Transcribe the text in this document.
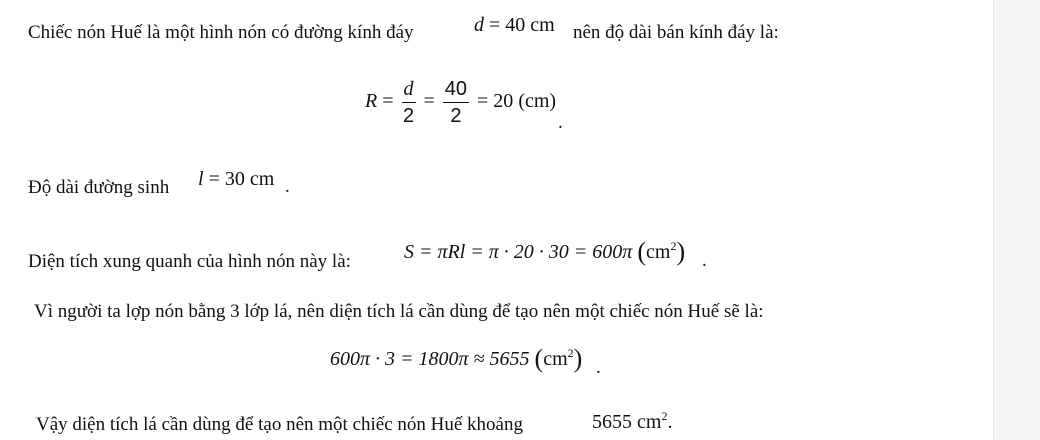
Chiếc nón Huế là một hình nón có đường kính đáy	d = 40 cm nên độ dài bán kính đáy là:
$R = \frac{d}{2} = \frac{40}{2} = 20$ (cm)
.
Độ dài đường sinh l = 30 cm .
Diện tích xung quanh của hình nón này là:	S = πRl = π · 20 · 30 = 600π $(cm^2)$ .
Vì người ta lợp nón bằng 3 lớp lá, nên diện tích lá cần dùng để tạo nên một chiếc nón Huế sẽ là:
600π · 3 = 1800π ≈ 5655 $(cm^2)$ .
Vậy diện tích lá cần dùng để tạo nên một chiếc nón Huế khoảng	5655 $cm^2$.
